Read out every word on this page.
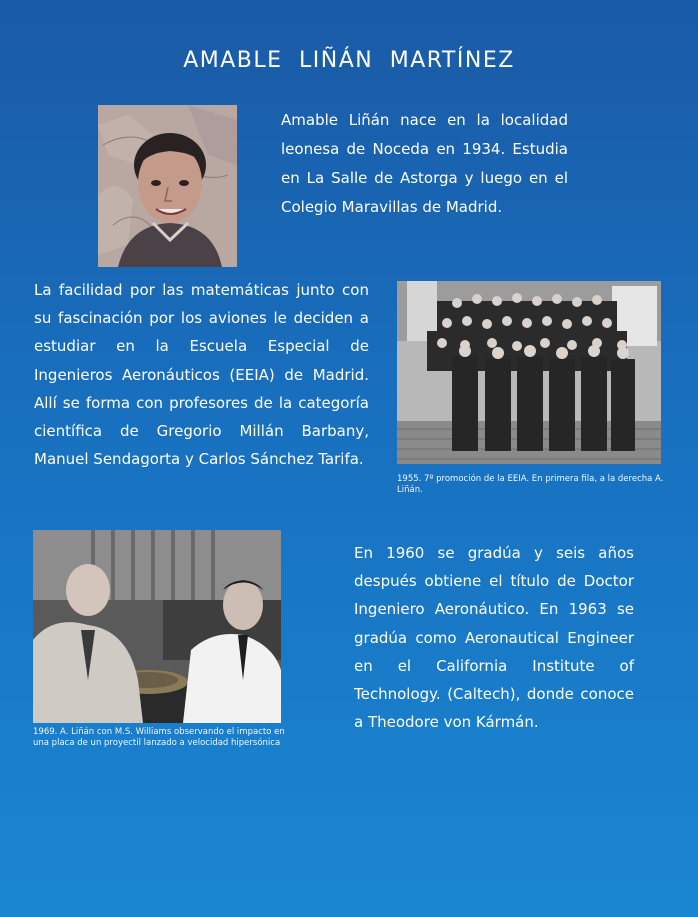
AMABLE LIÑÁN MARTÍNEZ
Amable Liñán nace en la localidad leonesa de Noceda en 1934. Estudia en La Salle de Astorga y luego en el Colegio Maravillas de Madrid.
La facilidad por las matemáticas junto con su fascinación por los aviones le deciden a estudiar en la Escuela Especial de Ingenieros Aeronáuticos (EEIA) de Madrid. Allí se forma con profesores de la categoría científica de Gregorio Millán Barbany, Manuel Sendagorta y Carlos Sánchez Tarifa.
1955. 7º promoción de la EEIA. En primera fila, a la derecha A. Liñán.
1969. A. Liñán con M.S. Williams observando el impacto en una placa de un proyectil lanzado a velocidad hipersónica
En 1960 se gradúa y seis años después obtiene el título de Doctor Ingeniero Aeronáutico. En 1963 se gradúa como Aeronautical Engineer en el California Institute of Technology. (Caltech), donde conoce a Theodore von Kármán.
